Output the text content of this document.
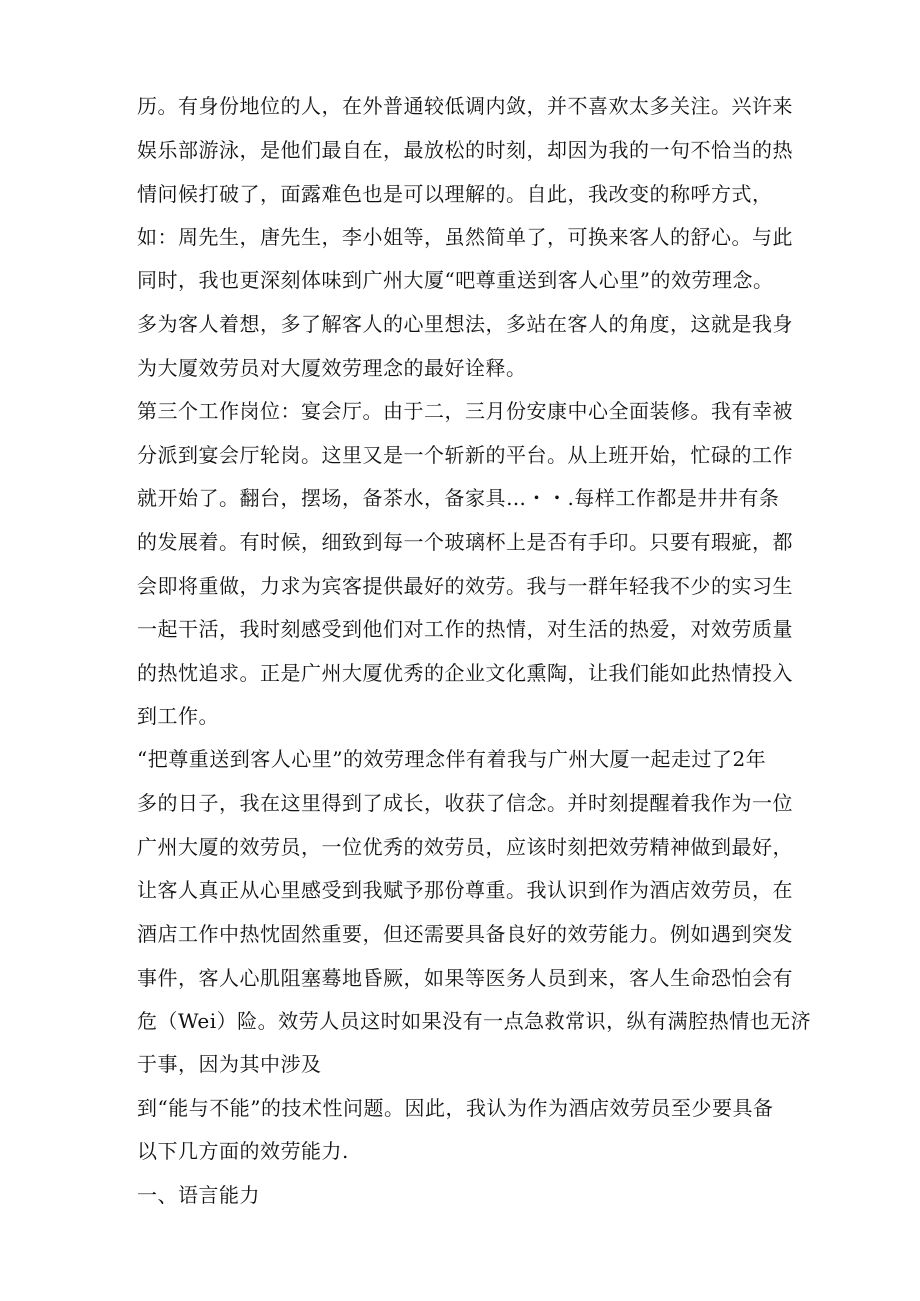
历。有身份地位的人，在外普通较低调内敛，并不喜欢太多关注。兴许来

娱乐部游泳，是他们最自在，最放松的时刻，却因为我的一句不恰当的热

情问候打破了，面露难色也是可以理解的。自此，我改变的称呼方式，

如：周先生，唐先生，李小姐等，虽然简单了，可换来客人的舒心。与此

同时，我也更深刻体味到广州大厦“吧尊重送到客人心里”的效劳理念。

多为客人着想，多了解客人的心里想法，多站在客人的角度，这就是我身

为大厦效劳员对大厦效劳理念的最好诠释。

第三个工作岗位：宴会厅。由于二，三月份安康中心全面装修。我有幸被

分派到宴会厅轮岗。这里又是一个斩新的平台。从上班开始，忙碌的工作

就开始了。翻台，摆场，备茶水，备家具…・・.每样工作都是井井有条

的发展着。有时候，细致到每一个玻璃杯上是否有手印。只要有瑕疵，都

会即将重做，力求为宾客提供最好的效劳。我与一群年轻我不少的实习生

一起干活，我时刻感受到他们对工作的热情，对生活的热爱，对效劳质量

的热忱追求。正是广州大厦优秀的企业文化熏陶，让我们能如此热情投入

到工作。

“把尊重送到客人心里”的效劳理念伴有着我与广州大厦一起走过了2年

多的日子，我在这里得到了成长，收获了信念。并时刻提醒着我作为一位

广州大厦的效劳员，一位优秀的效劳员，应该时刻把效劳精神做到最好，

让客人真正从心里感受到我赋予那份尊重。我认识到作为酒店效劳员，在

酒店工作中热忱固然重要，但还需要具备良好的效劳能力。例如遇到突发

事件，客人心肌阻塞蓦地昏厥，如果等医务人员到来，客人生命恐怕会有

危（Wei）险。效劳人员这时如果没有一点急救常识，纵有满腔热情也无济

于事，因为其中涉及

到“能与不能”的技术性问题。因此，我认为作为酒店效劳员至少要具备

以下几方面的效劳能力.

一、语言能力
